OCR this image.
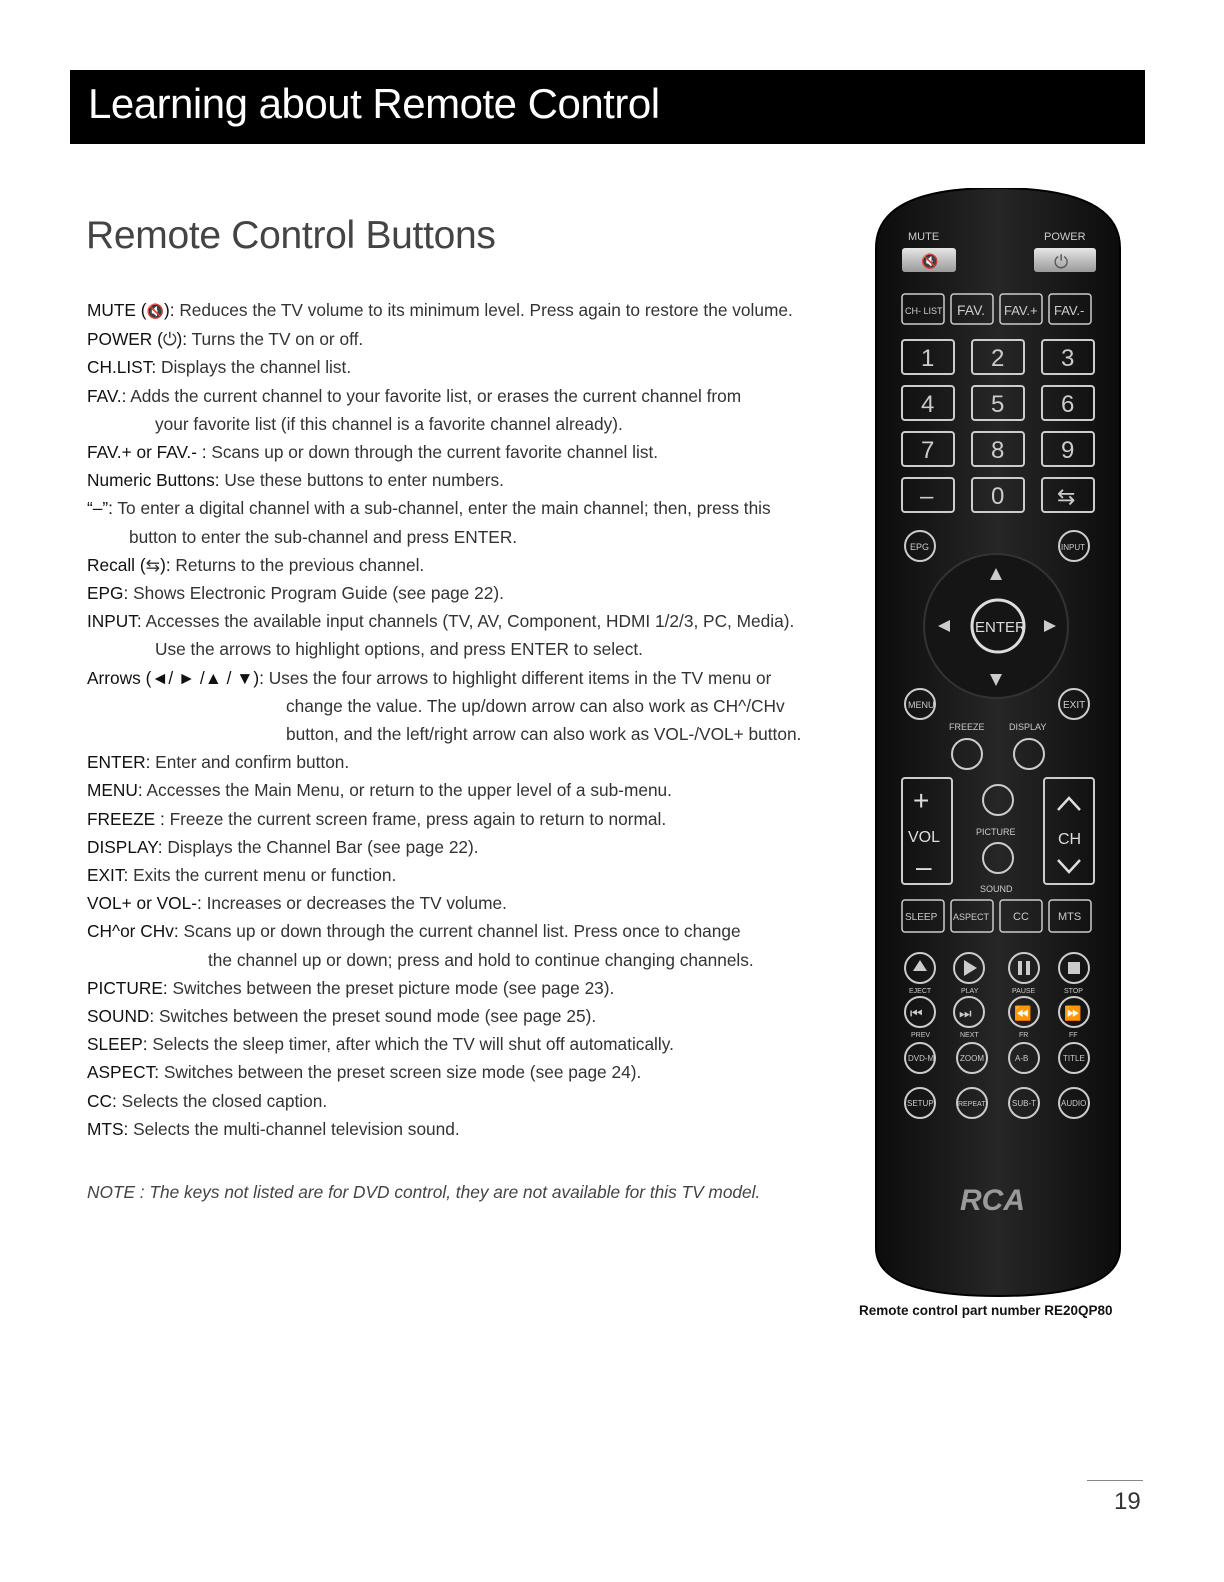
Learning about Remote Control
Remote Control Buttons
MUTE (🔇): Reduces the TV volume to its minimum level. Press again to restore the volume.
POWER (⏻): Turns the TV on or off.
CH.LIST: Displays the channel list.
FAV.: Adds the current channel to your favorite list, or erases the current channel from
your favorite list (if this channel is a favorite channel already).
FAV.+ or FAV.- : Scans up or down through the current favorite channel list.
Numeric Buttons: Use these buttons to enter numbers.
“–”: To enter a digital channel with a sub-channel, enter the main channel; then, press this
button to enter the sub-channel and press ENTER.
Recall (⇆): Returns to the previous channel.
EPG: Shows Electronic Program Guide (see page 22).
INPUT: Accesses the available input channels (TV, AV, Component, HDMI 1/2/3, PC, Media).
Use the arrows to highlight options, and press ENTER to select.
Arrows (◄/ ► /▲ / ▼): Uses the four arrows to highlight different items in the TV menu or
change the value. The up/down arrow can also work as CH^/CHv
button, and the left/right arrow can also work as VOL-/VOL+ button.
ENTER: Enter and confirm button.
MENU: Accesses the Main Menu, or return to the upper level of a sub-menu.
FREEZE : Freeze the current screen frame, press again to return to normal.
DISPLAY: Displays the Channel Bar (see page 22).
EXIT: Exits the current menu or function.
VOL+ or VOL-: Increases or decreases the TV volume.
CH^or CHv: Scans up or down through the current channel list. Press once to change
the channel up or down; press and hold to continue changing channels.
PICTURE: Switches between the preset picture mode (see page 23).
SOUND: Switches between the preset sound mode (see page 25).
SLEEP: Selects the sleep timer, after which the TV will shut off automatically.
ASPECT: Switches between the preset screen size mode (see page 24).
CC: Selects the closed caption.
MTS: Selects the multi-channel television sound.
NOTE : The keys not listed are for DVD control, they are not available for this TV model.
MUTE	POWER
🔇	⏻
CH- LIST FAV. FAV.+ FAV.-
1 2 3
4 5 6
7 8 9
– 0 ⇆
EPG	INPUT
ENTER
MENU	EXIT
FREEZE	DISPLAY
+
VOL
–
CH
PICTURE
SOUND
SLEEP ASPECT CC	MTS
EJECT	PLAY	PAUSE	STOP
⏮	⏭	⏪ ⏩
PREV	NEXT	FR	FF
DVD-M	ZOOM	A-B	TITLE
SETUP	REPEAT	SUB-T	AUDIO
RCA
Remote control part number RE20QP80
19
